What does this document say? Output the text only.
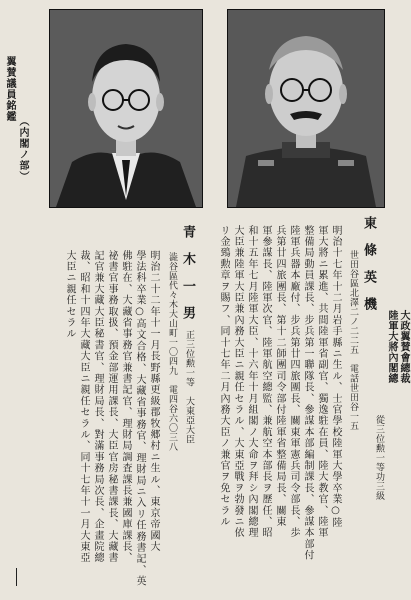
翼賛議員銘鑑
（内閣ノ部）
大政翼賛會總裁
陸軍大將內閣總
從三位勲一等功三級
東條英機
世田谷區北澤二ノ二二五　電話世田谷一五
明治十七年十二月岩手縣ニ生ル、士官學校陸軍大學卒業○陸
軍大將ニ累進、共間陸軍省副官、獨逸駐在員、陸大教官、陸軍
整備局動員課長、步兵第一聯隊長、參謀本部編制課長、參謀本部付
陸軍兵器本廠付、步兵第廿四旅團長、關東軍憲兵司令部長、歩
兵第廿四旅團長、第十二師團司令部付陸軍省整備局長、關東
軍參謀長、陸軍次官、陸軍航空總監、兼航空本部長ヲ歷任、昭
和十五年七月陸軍大臣、十六年十月組閣ノ大命ヲ拜シ內閣總理
大臣兼陸軍大臣兼內務大臣ニ親任セラル、大東亞戰ヲ勃發ニ依
リ金鵄勲章ヲ賜フ、同十七年二月內務大臣ノ兼官ヲ免セラル
青木一男
正三位勲一等　大東亞大臣
澁谷區代々木大山町一〇四九　電四谷六〇三八
明治二十二年十一月長野縣更級郡牧郷村ニ生ル、東京帝國大
學法科卒業○高文合格、大藏省事務官、理財局ニ入リ任務書記、英
佛駐在、大藏省事務官兼書記官、理財局調査課長兼國庫課長、
祕書官事務取扱、預金部運用課長、大臣官房秘書課長、大藏書
記官兼大藏大臣秘書官、理財局長、對滿事務局次長、企畫院總
裁、昭和十四年大藏大臣ニ親任セラル、同十七年十一月大東亞
大臣ニ親任セラル
